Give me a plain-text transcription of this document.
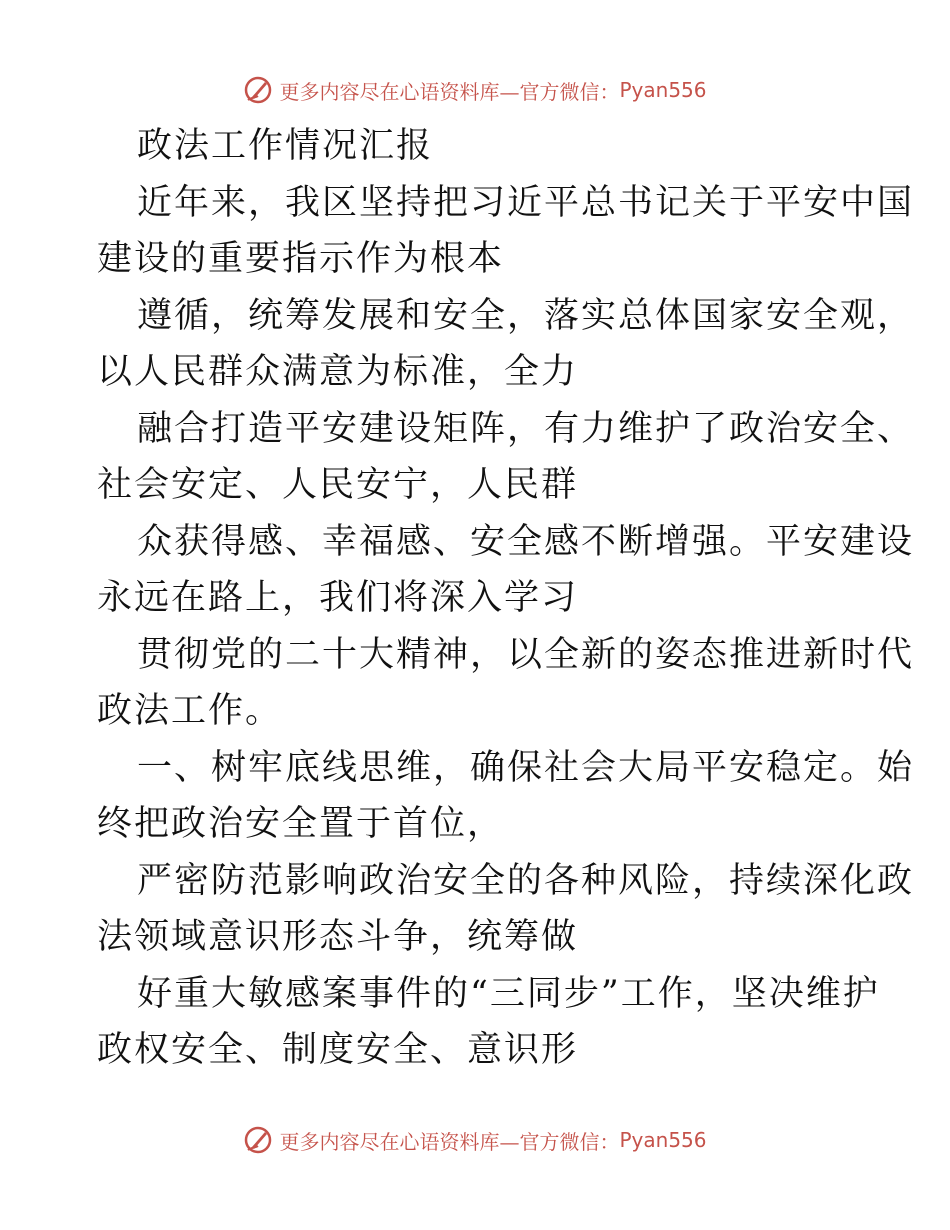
更多内容尽在心语资料库—官方微信： Pyan556
政法工作情况汇报
近年来，我区坚持把习近平总书记关于平安中国
建设的重要指示作为根本
遵循，统筹发展和安全，落实总体国家安全观，
以人民群众满意为标准，全力
融合打造平安建设矩阵，有力维护了政治安全、
社会安定、人民安宁，人民群
众获得感、幸福感、安全感不断增强。平安建设
永远在路上，我们将深入学习
贯彻党的二十大精神，以全新的姿态推进新时代
政法工作。
一、树牢底线思维，确保社会大局平安稳定。始
终把政治安全置于首位，
严密防范影响政治安全的各种风险，持续深化政
法领域意识形态斗争，统筹做
好重大敏感案事件的“三同步”工作，坚决维护
政权安全、制度安全、意识形
更多内容尽在心语资料库—官方微信： Pyan556
